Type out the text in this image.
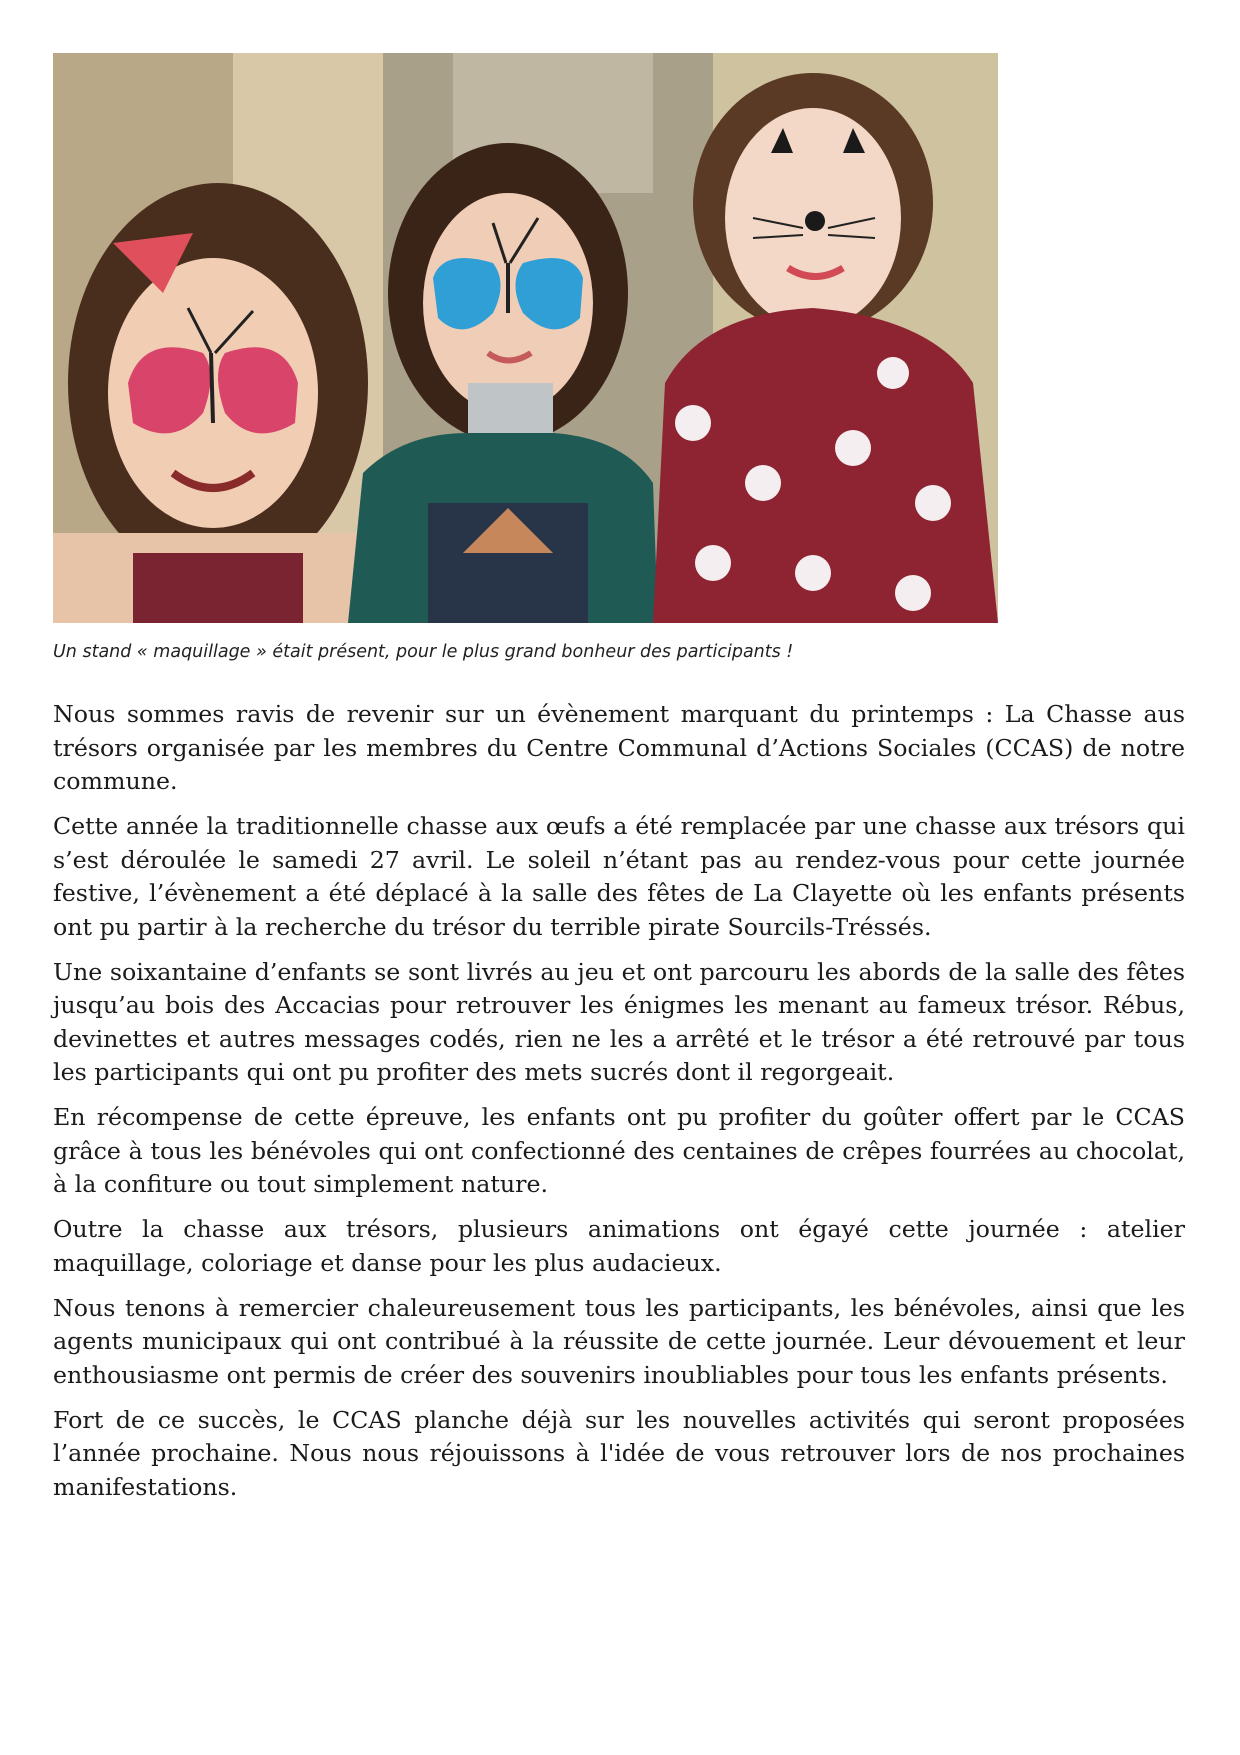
Un stand « maquillage » était présent, pour le plus grand bonheur des participants !

Nous sommes ravis de revenir sur un évènement marquant du printemps : La Chasse aus trésors organisée par les membres du Centre Communal d’Actions Sociales (CCAS) de notre commune.

Cette année la traditionnelle chasse aux œufs a été remplacée par une chasse aux trésors qui s’est déroulée le samedi 27 avril. Le soleil n’étant pas au rendez-vous pour cette journée festive, l’évènement a été déplacé à la salle des fêtes de La Clayette où les enfants présents ont pu partir à la recherche du trésor du terrible pirate Sourcils-Tréssés.

Une soixantaine d’enfants se sont livrés au jeu et ont parcouru les abords de la salle des fêtes jusqu’au bois des Accacias pour retrouver les énigmes les menant au fameux trésor. Rébus, devinettes et autres messages codés, rien ne les a arrêté et le trésor a été retrouvé par tous les participants qui ont pu profiter des mets sucrés dont il regorgeait.

En récompense de cette épreuve, les enfants ont pu profiter du goûter offert par le CCAS grâce à tous les bénévoles qui ont confectionné des centaines de crêpes fourrées au chocolat, à la confiture ou tout simplement nature.

Outre la chasse aux trésors, plusieurs animations ont égayé cette journée : atelier maquillage, coloriage et danse pour les plus audacieux.

Nous tenons à remercier chaleureusement tous les participants, les bénévoles, ainsi que les agents municipaux qui ont contribué à la réussite de cette journée. Leur dévouement et leur enthousiasme ont permis de créer des souvenirs inoubliables pour tous les enfants présents.

Fort de ce succès, le CCAS planche déjà sur les nouvelles activités qui seront proposées l’année prochaine. Nous nous réjouissons à l'idée de vous retrouver lors de nos prochaines manifestations.
